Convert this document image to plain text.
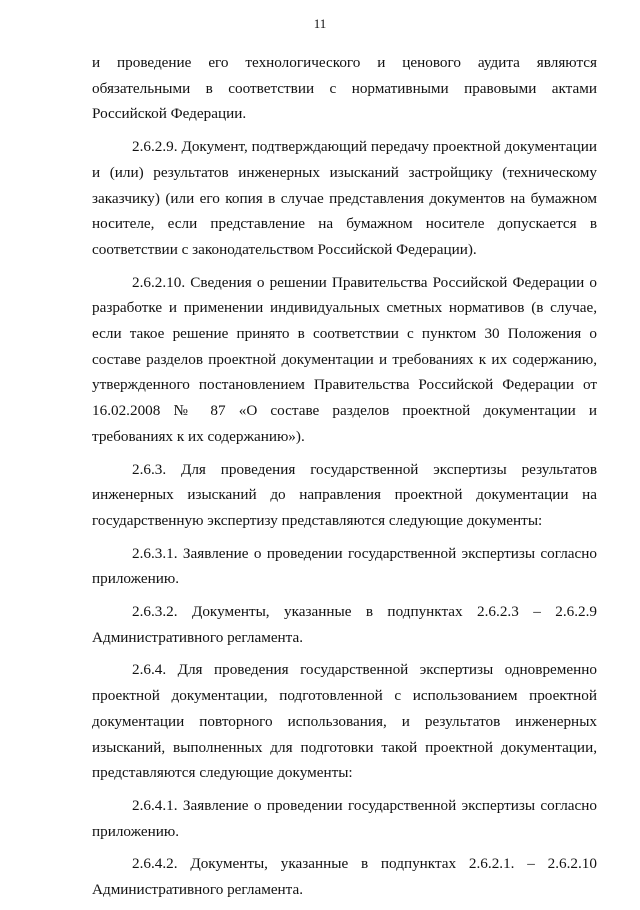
11

и проведение его технологического и ценового аудита являются обязательными в соответствии с нормативными правовыми актами Российской Федерации.

2.6.2.9. Документ, подтверждающий передачу проектной документации и (или) результатов инженерных изысканий застройщику (техническому заказчику) (или его копия в случае представления документов на бумажном носителе, если представление на бумажном носителе допускается в соответствии с законодательством Российской Федерации).

2.6.2.10. Сведения о решении Правительства Российской Федерации о разработке и применении индивидуальных сметных нормативов (в случае, если такое решение принято в соответствии с пунктом 30 Положения о составе разделов проектной документации и требованиях к их содержанию, утвержденного постановлением Правительства Российской Федерации от 16.02.2008 № 87 «О составе разделов проектной документации и требованиях к их содержанию»).

2.6.3. Для проведения государственной экспертизы результатов инженерных изысканий до направления проектной документации на государственную экспертизу представляются следующие документы:

2.6.3.1. Заявление о проведении государственной экспертизы согласно приложению.

2.6.3.2. Документы, указанные в подпунктах 2.6.2.3 – 2.6.2.9 Административного регламента.

2.6.4. Для проведения государственной экспертизы одновременно проектной документации, подготовленной с использованием проектной документации повторного использования, и результатов инженерных изысканий, выполненных для подготовки такой проектной документации, представляются следующие документы:

2.6.4.1. Заявление о проведении государственной экспертизы согласно приложению.

2.6.4.2. Документы, указанные в подпунктах 2.6.2.1. – 2.6.2.10 Административного регламента.
